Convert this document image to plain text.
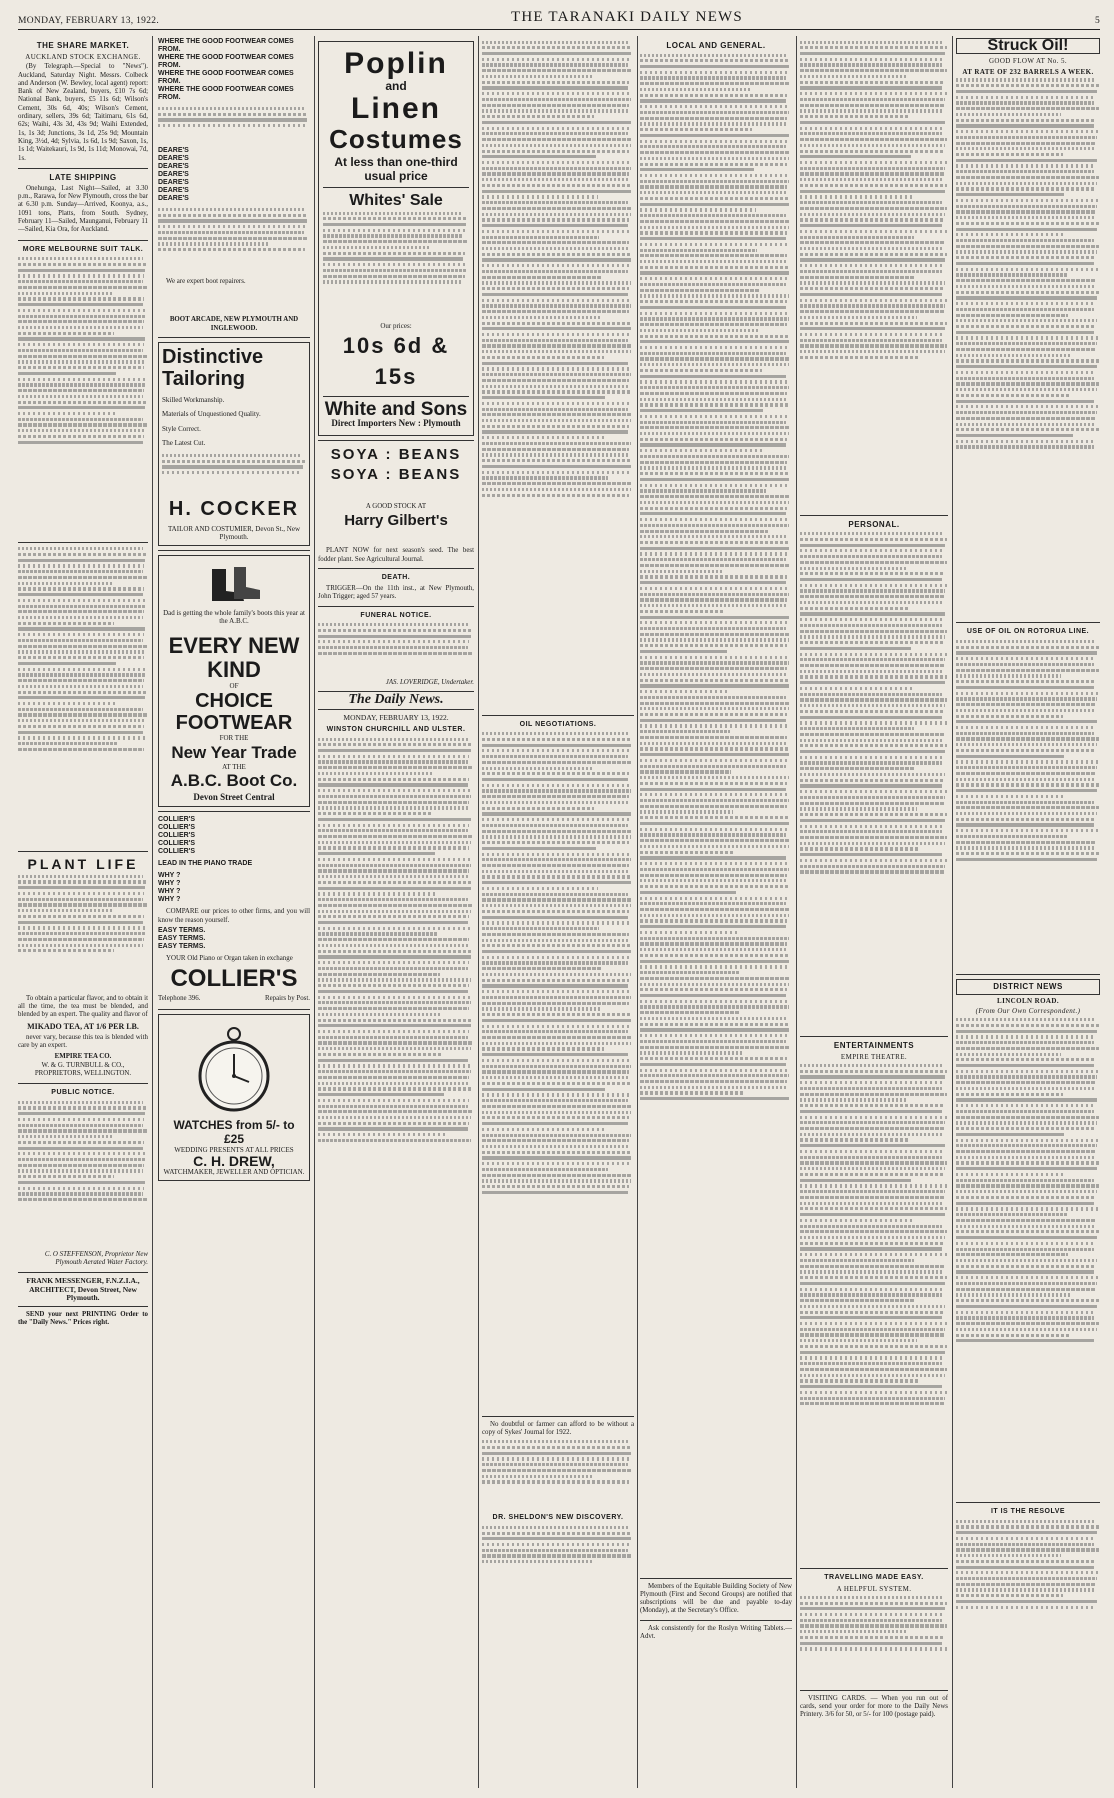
MONDAY, FEBRUARY 13, 1922.	THE TARANAKI DAILY NEWS	5
THE SHARE MARKET.
AUCKLAND STOCK EXCHANGE.
(By Telegraph.—Special to "News"). Auckland, Saturday Night. Messrs. Colbeck and Anderson (W. Bewley, local agent) report: Bank of New Zealand, buyers, £10 7s 6d; National Bank, buyers, £5 11s 6d; Wilson's Cement, 30s 6d, 40s; Wilson's Cement, ordinary, sellers, 39s 6d; Taitimaru, 61s 6d, 62s; Waihi, 43s 3d, 43s 9d; Waihi Extended, 1s, 1s 3d; Junctions, 3s 1d, 25s 9d; Mountain King, 3½d, 4d; Sylvia, 1s 6d, 1s 9d; Saxon, 1s, 1s 1d; Waitekauri, 1s 9d, 1s 11d; Monowai, 7d, 1s.
LATE SHIPPING
Onehunga, Last Night—Sailed, at 3.30 p.m., Rarawa, for New Plymouth, cross the bar at 6.30 p.m. Sunday—Arrived, Koonya, a.s., 1091 tons, Platts, from South. Sydney, February 11—Sailed, Maunganui, February 11—Sailed, Kia Ora, for Auckland.
MORE MELBOURNE SUIT TALK.
PLANT LIFE
To obtain a particular flavor, and to obtain it all the time, the tea must be blended, and blended by an expert. The quality and flavor of
MIKADO TEA, AT 1/6 PER LB.
never vary, because this tea is blended with care by an expert.
EMPIRE TEA CO.
W. & G. TURNBULL & CO., PROPRIETORS, WELLINGTON.
PUBLIC NOTICE.
C. O STEFFENSON, Proprietor New Plymouth Aerated Water Factory.
FRANK MESSENGER, F.N.Z.I.A., ARCHITECT, Devon Street, New Plymouth.
SEND your next PRINTING Order to the "Daily News." Prices right.
WHERE THE GOOD FOOTWEAR COMES FROM.
WHERE THE GOOD FOOTWEAR COMES FROM.
WHERE THE GOOD FOOTWEAR COMES FROM.
WHERE THE GOOD FOOTWEAR COMES FROM.
DEARE'S
DEARE'S
DEARE'S
DEARE'S
DEARE'S
DEARE'S
DEARE'S
We are expert boot repairers.
BOOT ARCADE, NEW PLYMOUTH AND INGLEWOOD.
Distinctive Tailoring
Skilled Workmanship.
Materials of Unquestioned Quality.
Style Correct.
The Latest Cut.
H. COCKER
TAILOR AND COSTUMIER, Devon St., New Plymouth.
Dad is getting the whole family's boots this year at the A.B.C.
EVERY NEW KIND
OF
CHOICE FOOTWEAR
FOR THE
New Year Trade
AT THE
A.B.C. Boot Co.
Devon Street Central
COLLIER'S
COLLIER'S
COLLIER'S
COLLIER'S
COLLIER'S
LEAD IN THE PIANO TRADE
WHY ?
WHY ?
WHY ?
WHY ?
COMPARE our prices to other firms, and you will know the reason yourself.
EASY TERMS.
EASY TERMS.
EASY TERMS.
YOUR Old Piano or Organ taken in exchange
COLLIER'S
Telephone 396.	Repairs by Post.
WATCHES from 5/- to £25
WEDDING PRESENTS AT ALL PRICES
C. H. DREW,
WATCHMAKER, JEWELLER AND OPTICIAN.
Poplin
and
Linen
Costumes
At less than one-third usual price
Whites' Sale
Our prices:
10s 6d & 15s
White and Sons
Direct Importers New : Plymouth
SOYA : BEANS
SOYA : BEANS
A GOOD STOCK AT
Harry Gilbert's
PLANT NOW for next season's seed. The best fodder plant. See Agricultural Journal.
DEATH.
TRIGGER—On the 11th inst., at New Plymouth, John Trigger; aged 57 years.
FUNERAL NOTICE.
JAS. LOVERIDGE, Undertaker.
The Daily News.
MONDAY, FEBRUARY 13, 1922.
WINSTON CHURCHILL AND ULSTER.
OIL NEGOTIATIONS.
No doubtful or farmer can afford to be without a copy of Sykes' Journal for 1922.
DR. SHELDON'S NEW DISCOVERY.
LOCAL AND GENERAL.
Members of the Equitable Building Society of New Plymouth (First and Second Groups) are notified that subscriptions will be due and payable to-day (Monday), at the Secretary's Office.
Ask consistently for the Roslyn Writing Tablets.—Advt.
PERSONAL.
ENTERTAINMENTS
EMPIRE THEATRE.
TRAVELLING MADE EASY.
A HELPFUL SYSTEM.
VISITING CARDS. — When you run out of cards, send your order for more to the Daily News Printery. 3/6 for 50, or 5/- for 100 (postage paid).
Struck Oil!
GOOD FLOW AT No. 5.
AT RATE OF 232 BARRELS A WEEK.
USE OF OIL ON ROTORUA LINE.
DISTRICT NEWS
LINCOLN ROAD.
(From Our Own Correspondent.)
IT IS THE RESOLVE
